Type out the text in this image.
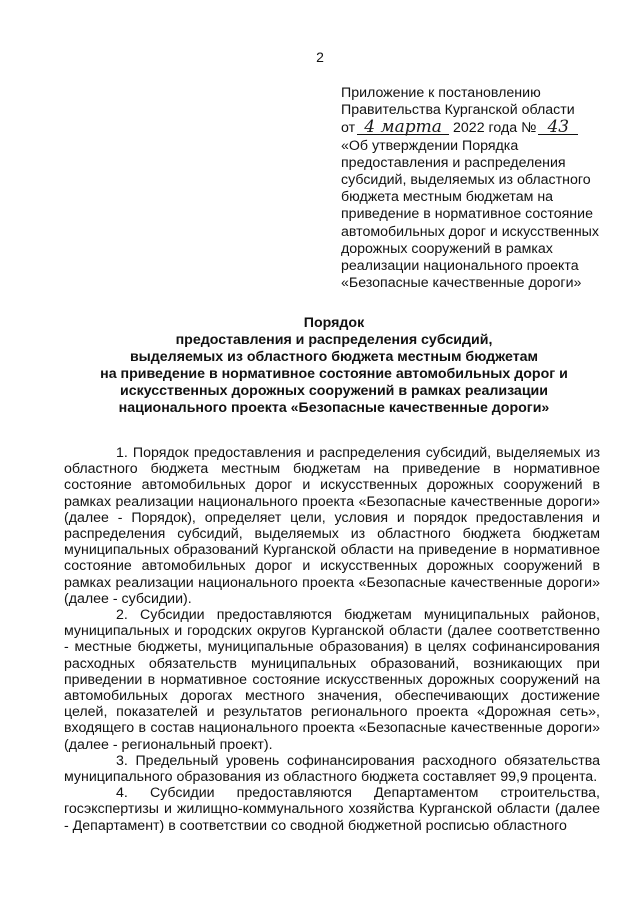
2
Приложение к постановлению
Правительства Курганской области
от 4 марта 2022 года № 43
«Об утверждении Порядка
предоставления и распределения
субсидий, выделяемых из областного
бюджета местным бюджетам на
приведение в нормативное состояние
автомобильных дорог и искусственных
дорожных сооружений в рамках
реализации национального проекта
«Безопасные качественные дороги»
Порядок
предоставления и распределения субсидий,
выделяемых из областного бюджета местным бюджетам
на приведение в нормативное состояние автомобильных дорог и
искусственных дорожных сооружений в рамках реализации
национального проекта «Безопасные качественные дороги»

1. Порядок предоставления и распределения субсидий, выделяемых из областного бюджета местным бюджетам на приведение в нормативное состояние автомобильных дорог и искусственных дорожных сооружений в рамках реализации национального проекта «Безопасные качественные дороги» (далее - Порядок), определяет цели, условия и порядок предоставления и распределения субсидий, выделяемых из областного бюджета бюджетам муниципальных образований Курганской области на приведение в нормативное состояние автомобильных дорог и искусственных дорожных сооружений в рамках реализации национального проекта «Безопасные качественные дороги» (далее - субсидии).

2. Субсидии предоставляются бюджетам муниципальных районов, муниципальных и городских округов Курганской области (далее соответственно - местные бюджеты, муниципальные образования) в целях софинансирования расходных обязательств муниципальных образований, возникающих при приведении в нормативное состояние искусственных дорожных сооружений на автомобильных дорогах местного значения, обеспечивающих достижение целей, показателей и результатов регионального проекта «Дорожная сеть», входящего в состав национального проекта «Безопасные качественные дороги» (далее - региональный проект).

3. Предельный уровень софинансирования расходного обязательства муниципального образования из областного бюджета составляет 99,9 процента.

4. Субсидии предоставляются Департаментом строительства, госэкспертизы и жилищно-коммунального хозяйства Курганской области (далее - Департамент) в соответствии со сводной бюджетной росписью областного
